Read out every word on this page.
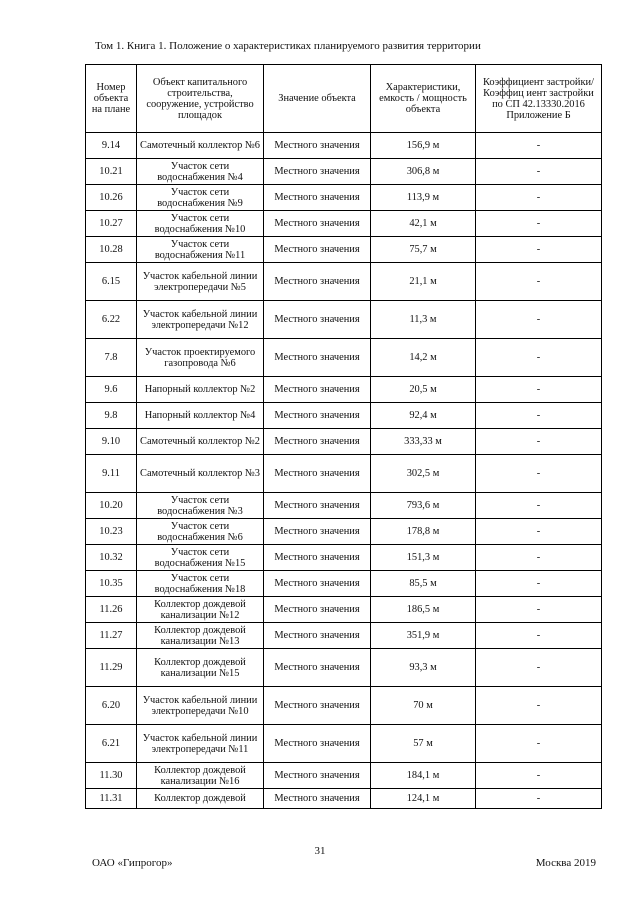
Том 1. Книга 1. Положение о характеристиках планируемого развития территории
Номер объекта на плане	Объект капитального строительства, сооружение, устройство площадок	Значение объекта	Характеристики, емкость / мощность объекта	Коэффициент застройки/Коэффиц иент застройки по СП 42.13330.2016 Приложение Б
9.14	Самотечный коллектор №6	Местного значения	156,9 м	-
10.21	Участок сети водоснабжения №4	Местного значения	306,8 м	-
10.26	Участок сети водоснабжения №9	Местного значения	113,9 м	-
10.27	Участок сети водоснабжения №10	Местного значения	42,1 м	-
10.28	Участок сети водоснабжения №11	Местного значения	75,7 м	-
6.15	Участок кабельной линии электропередачи №5	Местного значения	21,1 м	-
6.22	Участок кабельной линии электропередачи №12	Местного значения	11,3 м	-
7.8	Участок проектируемого газопровода №6	Местного значения	14,2 м	-
9.6	Напорный коллектор №2	Местного значения	20,5 м	-
9.8	Напорный коллектор №4	Местного значения	92,4 м	-
9.10	Самотечный коллектор №2	Местного значения	333,33 м	-
9.11	Самотечный коллектор №3	Местного значения	302,5 м	-
10.20	Участок сети водоснабжения №3	Местного значения	793,6 м	-
10.23	Участок сети водоснабжения №6	Местного значения	178,8 м	-
10.32	Участок сети водоснабжения №15	Местного значения	151,3 м	-
10.35	Участок сети водоснабжения №18	Местного значения	85,5 м	-
11.26	Коллектор дождевой канализации №12	Местного значения	186,5 м	-
11.27	Коллектор дождевой канализации №13	Местного значения	351,9 м	-
11.29	Коллектор дождевой канализации №15	Местного значения	93,3 м	-
6.20	Участок кабельной линии электропередачи №10	Местного значения	70 м	-
6.21	Участок кабельной линии электропередачи №11	Местного значения	57 м	-
11.30	Коллектор дождевой канализации №16	Местного значения	184,1 м	-
11.31	Коллектор дождевой	Местного значения	124,1 м	-
31
ОАО «Гипрогор»	Москва 2019
